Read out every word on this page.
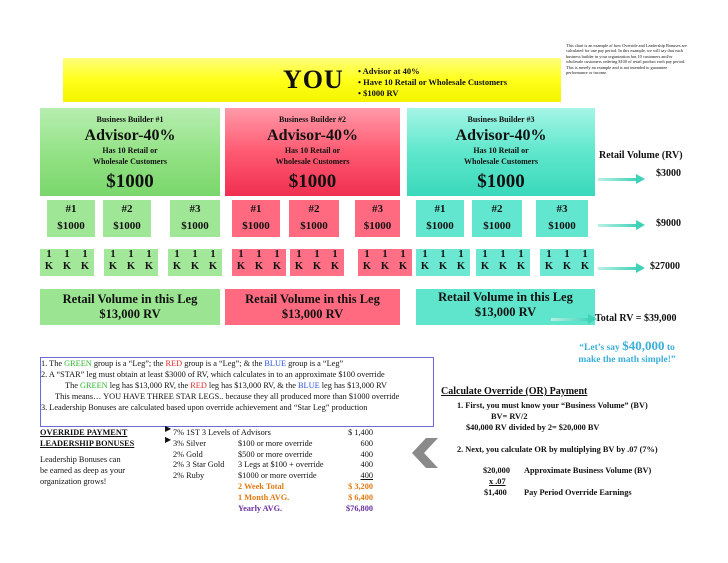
This chart is an example of how Override and Leadership Bonuses are calculated for one pay period. In this example, we will say that each business builder in your organization has 10 customers and/or wholesale customers ordering $100 of retail product each pay period. This is merely an example and is not intended to guarantee performance or income.
YOU • Advisor at 40%
• Have 10 Retail or Wholesale Customers
• $1000 RV
Business Builder #1
Advisor-40%
Has 10 Retail or
Wholesale Customers
$1000
Business Builder #2
Advisor-40%
Has 10 Retail or
Wholesale Customers
$1000
Business Builder #3
Advisor-40%
Has 10 Retail or
Wholesale Customers
$1000
#1
$1000
#2
$1000
#3
$1000
#1
$1000
#2
$1000
#3
$1000
#1
$1000
#2
$1000
#3
$1000
1 1 1
K K K
1 1 1
K K K
1 1 1
K K K
1 1 1
K K K
1 1 1
K K K
1 1 1
K K K
1 1 1
K K K
1 1 1
K K K
1 1 1
K K K
Retail Volume in this Leg
$13,000 RV
Retail Volume in this Leg
$13,000 RV
Retail Volume in this Leg
$13,000 RV
Retail Volume (RV)
$3000
$9000
$27000
Total RV = $39,000
“Let’s say $40,000 to
make the math simple!”
1. The GREEN group is a “Leg”; the RED group is a “Leg”; & the BLUE group is a “Leg”
2. A “STAR” leg must obtain at least $3000 of RV, which calculates in to an approximate $100 override
The GREEN leg has $13,000 RV, the RED leg has $13,000 RV, & the BLUE leg has $13,000 RV
This means… YOU HAVE THREE STAR LEGS.. because they all produced more than $1000 override
3. Leadership Bonuses are calculated based upon override achievement and “Star Leg” production
OVERRIDE PAYMENT
LEADERSHIP BONUSES
Leadership Bonuses can
be earned as deep as your
organization grows!
▶
▶
7% 1ST 3 Levels of Advisors	$ 1,400
3% Silver	$100 or more override	600
2% Gold	$500 or more override	400
2% 3 Star Gold 3 Legs at $100 + override	400
2% Ruby	$1000 or more override	400
2 Week Total	$ 3,200
1 Month AVG.	$ 6,400
Yearly AVG.	$76,800
Calculate Override (OR) Payment
1. First, you must know your “Business Volume” (BV)
BV= RV/2
$40,000 RV divided by 2= $20,000 BV
2. Next, you calculate OR by multiplying BV by .07 (7%)
$20,000 Approximate Business Volume (BV)
x .07
$1,400 Pay Period Override Earnings
